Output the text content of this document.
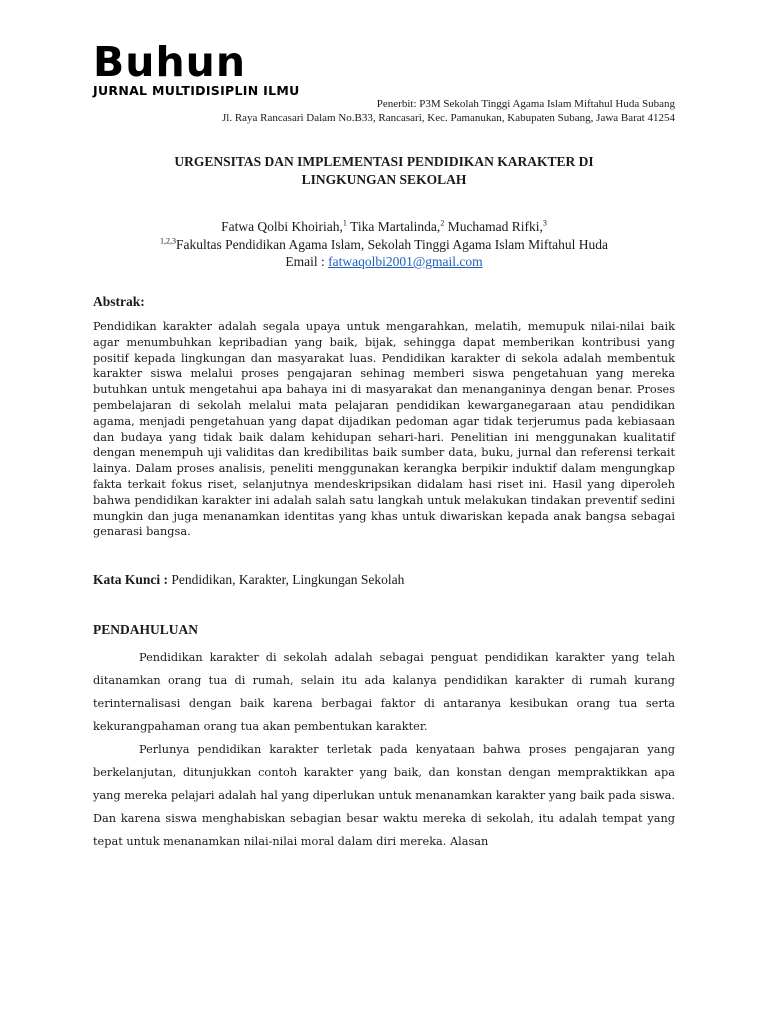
Buhun
JURNAL MULTIDISIPLIN ILMU
Penerbit: P3M Sekolah Tinggi Agama Islam Miftahul Huda Subang
Jl. Raya Rancasari Dalam No.B33, Rancasari, Kec. Pamanukan, Kabupaten Subang, Jawa Barat 41254
URGENSITAS DAN IMPLEMENTASI PENDIDIKAN KARAKTER DI
LINGKUNGAN SEKOLAH
Fatwa Qolbi Khoiriah,$^1$ Tika Martalinda,$^2$ Muchamad Rifki,$^3$
$^{1,2,3}$Fakultas Pendidikan Agama Islam, Sekolah Tinggi Agama Islam Miftahul Huda
Email : fatwaqolbi2001@gmail.com
Abstrak:
Pendidikan karakter adalah segala upaya untuk mengarahkan, melatih, memupuk nilai-nilai baik agar menumbuhkan kepribadian yang baik, bijak, sehingga dapat memberikan kontribusi yang positif kepada lingkungan dan masyarakat luas. Pendidikan karakter di sekola adalah membentuk karakter siswa melalui proses pengajaran sehinag memberi siswa pengetahuan yang mereka butuhkan untuk mengetahui apa bahaya ini di masyarakat dan menanganinya dengan benar. Proses pembelajaran di sekolah melalui mata pelajaran pendidikan kewarganegaraan atau pendidikan agama, menjadi pengetahuan yang dapat dijadikan pedoman agar tidak terjerumus pada kebiasaan dan budaya yang tidak baik dalam kehidupan sehari-hari. Penelitian ini menggunakan kualitatif dengan menempuh uji validitas dan kredibilitas baik sumber data, buku, jurnal dan referensi terkait lainya. Dalam proses analisis, peneliti menggunakan kerangka berpikir induktif dalam mengungkap fakta terkait fokus riset, selanjutnya mendeskripsikan didalam hasi riset ini. Hasil yang diperoleh bahwa pendidikan karakter ini adalah salah satu langkah untuk melakukan tindakan preventif sedini mungkin dan juga menanamkan identitas yang khas untuk diwariskan kepada anak bangsa sebagai genarasi bangsa.
Kata Kunci : Pendidikan, Karakter, Lingkungan Sekolah
PENDAHULUAN

Pendidikan karakter di sekolah adalah sebagai penguat pendidikan karakter yang telah ditanamkan orang tua di rumah, selain itu ada kalanya pendidikan karakter di rumah kurang terinternalisasi dengan baik karena berbagai faktor di antaranya kesibukan orang tua serta kekurangpahaman orang tua akan pembentukan karakter.

Perlunya pendidikan karakter terletak pada kenyataan bahwa proses pengajaran yang berkelanjutan, ditunjukkan contoh karakter yang baik, dan konstan dengan mempraktikkan apa yang mereka pelajari adalah hal yang diperlukan untuk menanamkan karakter yang baik pada siswa. Dan karena siswa menghabiskan sebagian besar waktu mereka di sekolah, itu adalah tempat yang tepat untuk menanamkan nilai-nilai moral dalam diri mereka. Alasan
